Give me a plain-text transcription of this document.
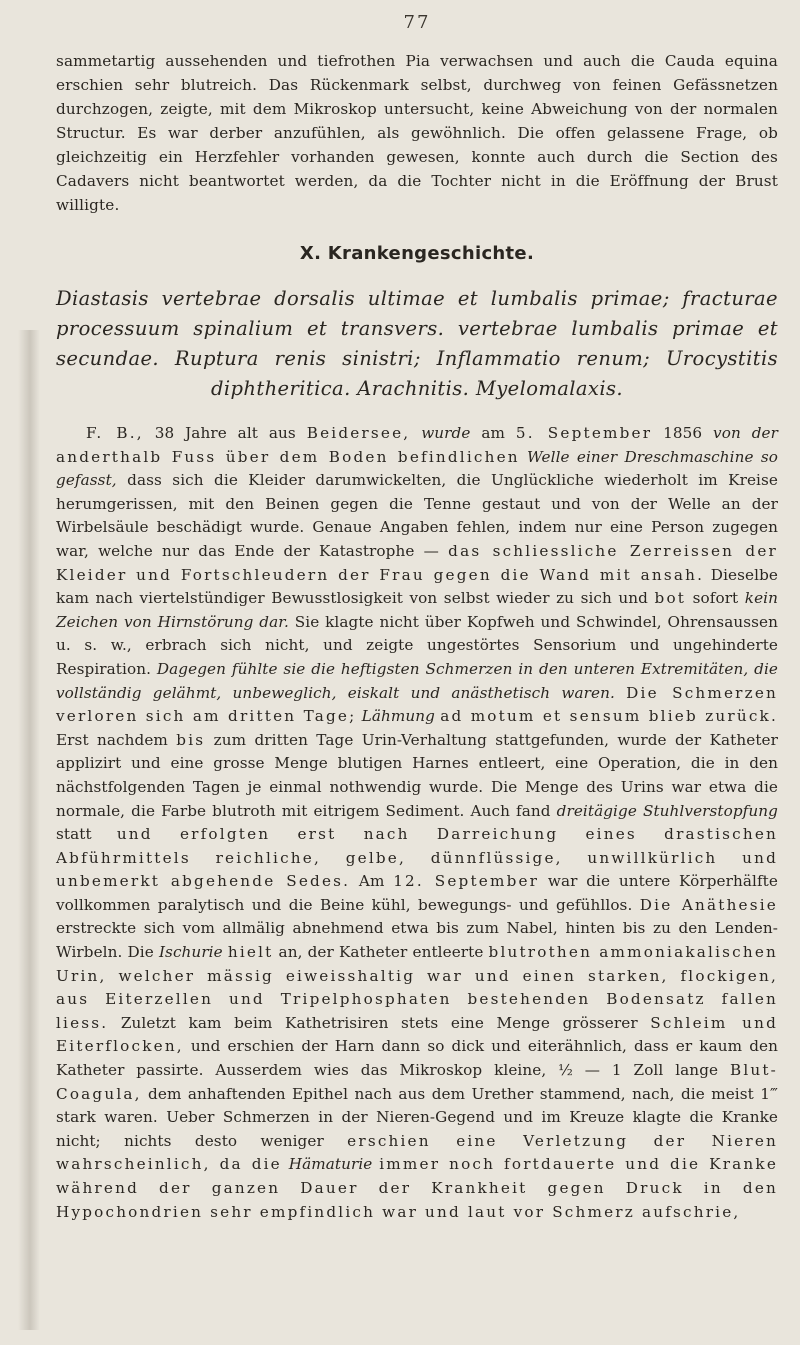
77

sammetartig aussehenden und tiefrothen Pia verwachsen und auch die Cauda equina erschien sehr blutreich. Das Rückenmark selbst, durchweg von feinen Gefässnetzen durchzogen, zeigte, mit dem Mikroskop untersucht, keine Abweichung von der normalen Structur. Es war derber anzufühlen, als gewöhnlich. Die offen gelassene Frage, ob gleichzeitig ein Herzfehler vorhanden gewesen, konnte auch durch die Section des Cadavers nicht beantwortet werden, da die Tochter nicht in die Eröffnung der Brust willigte.

X. Krankengeschichte.

Diastasis vertebrae dorsalis ultimae et lumbalis primae; fracturae processuum spinalium et transvers. vertebrae lumbalis primae et secundae. Ruptura renis sinistri; Inflammatio renum; Urocystitis diphtheritica. Arachnitis. Myelomalaxis.

F. B., 38 Jahre alt aus Beidersee, wurde am 5. September 1856 von der anderthalb Fuss über dem Boden befindlichen Welle einer Dreschmaschine so gefasst, dass sich die Kleider darumwickelten, die Unglückliche wiederholt im Kreise herumgerissen, mit den Beinen gegen die Tenne gestaut und von der Welle an der Wirbelsäule beschädigt wurde. Genaue Angaben fehlen, indem nur eine Person zugegen war, welche nur das Ende der Katastrophe — das schliessliche Zerreissen der Kleider und Fortschleudern der Frau gegen die Wand mit ansah. Dieselbe kam nach viertelstündiger Bewusstlosigkeit von selbst wieder zu sich und bot sofort kein Zeichen von Hirnstörung dar. Sie klagte nicht über Kopfweh und Schwindel, Ohrensaussen u. s. w., erbrach sich nicht, und zeigte ungestörtes Sensorium und ungehinderte Respiration. Dagegen fühlte sie die heftigsten Schmerzen in den unteren Extremitäten, die vollständig gelähmt, unbeweglich, eiskalt und anästhetisch waren. Die Schmerzen verloren sich am dritten Tage; Lähmung ad motum et sensum blieb zurück. Erst nachdem bis zum dritten Tage Urin-Verhaltung stattgefunden, wurde der Katheter applizirt und eine grosse Menge blutigen Harnes entleert, eine Operation, die in den nächstfolgenden Tagen je einmal nothwendig wurde. Die Menge des Urins war etwa die normale, die Farbe blutroth mit eitrigem Sediment. Auch fand dreitägige Stuhlverstopfung statt und erfolgten erst nach Darreichung eines drastischen Abführmittels reichliche, gelbe, dünnflüssige, unwillkürlich und unbemerkt abgehende Sedes. Am 12. September war die untere Körperhälfte vollkommen paralytisch und die Beine kühl, bewegungs- und gefühllos. Die Anäthesie erstreckte sich vom allmälig abnehmend etwa bis zum Nabel, hinten bis zu den Lenden-Wirbeln. Die Ischurie hielt an, der Katheter entleerte blutrothen ammoniakalischen Urin, welcher mässig eiweisshaltig war und einen starken, flockigen, aus Eiterzellen und Tripelphosphaten bestehenden Bodensatz fallen liess. Zuletzt kam beim Kathetrisiren stets eine Menge grösserer Schleim und Eiterflocken, und erschien der Harn dann so dick und eiterähnlich, dass er kaum den Katheter passirte. Ausserdem wies das Mikroskop kleine, ½ — 1 Zoll lange Blut-Coagula, dem anhaftenden Epithel nach aus dem Urether stammend, nach, die meist 1‴ stark waren. Ueber Schmerzen in der Nieren-Gegend und im Kreuze klagte die Kranke nicht; nichts desto weniger erschien eine Verletzung der Nieren wahrscheinlich, da die Hämaturie immer noch fortdauerte und die Kranke während der ganzen Dauer der Krankheit gegen Druck in den Hypochondrien sehr empfindlich war und laut vor Schmerz aufschrie,
